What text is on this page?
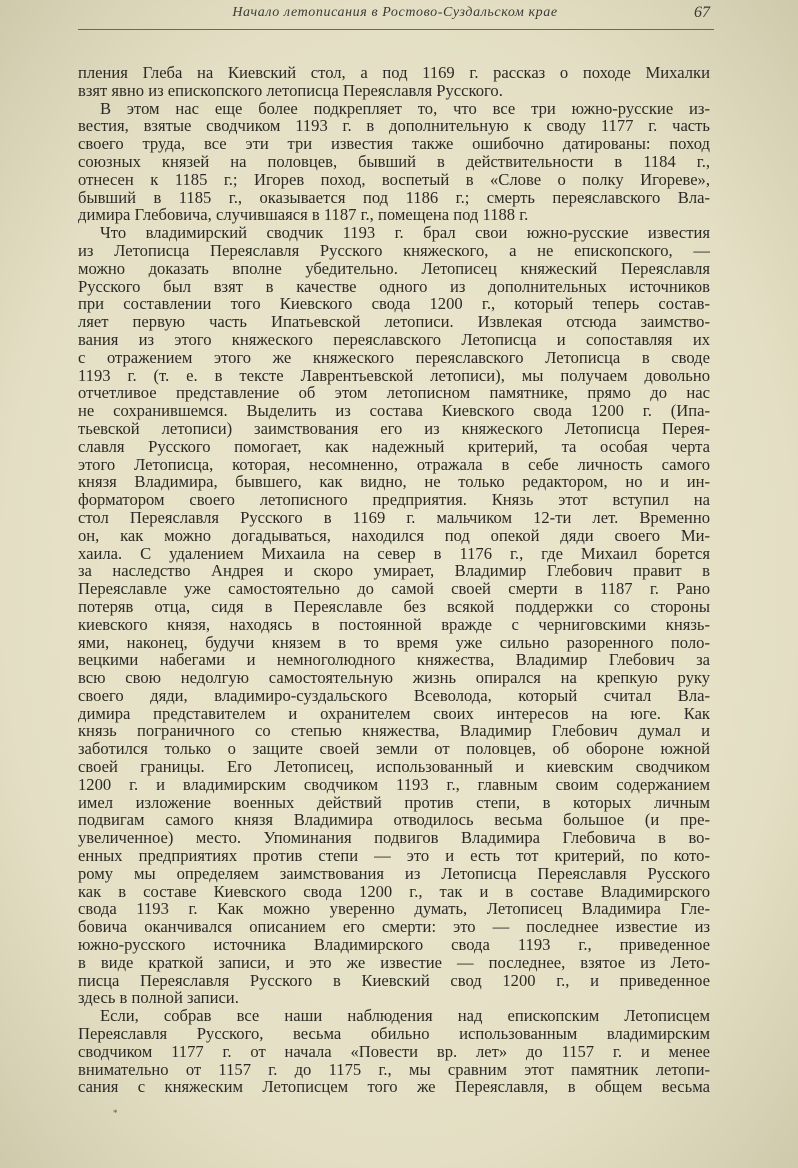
Начало летописания в Ростово-Суздальском крае	67
пления Глеба на Киевский стол, а под 1169 г. рассказ о походе Михалки
взят явно из епископского летописца Переяславля Русского.
В этом нас еще более подкрепляет то, что все три южно-русские из-
вестия, взятые сводчиком 1193 г. в дополнительную к своду 1177 г. часть
своего труда, все эти три известия также ошибочно датированы: поход
союзных князей на половцев, бывший в действительности в 1184 г.,
отнесен к 1185 г.; Игорев поход, воспетый в «Слове о полку Игореве»,
бывший в 1185 г., оказывается под 1186 г.; смерть переяславского Вла-
димира Глебовича, случившаяся в 1187 г., помещена под 1188 г.
Что владимирский сводчик 1193 г. брал свои южно-русские известия
из Летописца Переяславля Русского княжеского, а не епископского, —
можно доказать вполне убедительно. Летописец княжеский Переяславля
Русского был взят в качестве одного из дополнительных источников
при составлении того Киевского свода 1200 г., который теперь состав-
ляет первую часть Ипатьевской летописи. Извлекая отсюда заимство-
вания из этого княжеского переяславского Летописца и сопоставляя их
с отражением этого же княжеского переяславского Летописца в своде
1193 г. (т. е. в тексте Лаврентьевской летописи), мы получаем довольно
отчетливое представление об этом летописном памятнике, прямо до нас
не сохранившемся. Выделить из состава Киевского свода 1200 г. (Ипа-
тьевской летописи) заимствования его из княжеского Летописца Перея-
славля Русского помогает, как надежный критерий, та особая черта
этого Летописца, которая, несомненно, отражала в себе личность самого
князя Владимира, бывшего, как видно, не только редактором, но и ин-
форматором своего летописного предприятия. Князь этот вступил на
стол Переяславля Русского в 1169 г. мальчиком 12-ти лет. Временно
он, как можно догадываться, находился под опекой дяди своего Ми-
хаила. С удалением Михаила на север в 1176 г., где Михаил борется
за наследство Андрея и скоро умирает, Владимир Глебович правит в
Переяславле уже самостоятельно до самой своей смерти в 1187 г. Рано
потеряв отца, сидя в Переяславле без всякой поддержки со стороны
киевского князя, находясь в постоянной вражде с черниговскими князь-
ями, наконец, будучи князем в то время уже сильно разоренного поло-
вецкими набегами и немноголюдного княжества, Владимир Глебович за
всю свою недолгую самостоятельную жизнь опирался на крепкую руку
своего дяди, владимиро-суздальского Всеволода, который считал Вла-
димира представителем и охранителем своих интересов на юге. Как
князь пограничного со степью княжества, Владимир Глебович думал и
заботился только о защите своей земли от половцев, об обороне южной
своей границы. Его Летописец, использованный и киевским сводчиком
1200 г. и владимирским сводчиком 1193 г., главным своим содержанием
имел изложение военных действий против степи, в которых личным
подвигам самого князя Владимира отводилось весьма большое (и пре-
увеличенное) место. Упоминания подвигов Владимира Глебовича в во-
енных предприятиях против степи — это и есть тот критерий, по кото-
рому мы определяем заимствования из Летописца Переяславля Русского
как в составе Киевского свода 1200 г., так и в составе Владимирского
свода 1193 г. Как можно уверенно думать, Летописец Владимира Гле-
бовича оканчивался описанием его смерти: это — последнее известие из
южно-русского источника Владимирского свода 1193 г., приведенное
в виде краткой записи, и это же известие — последнее, взятое из Лето-
писца Переяславля Русского в Киевский свод 1200 г., и приведенное
здесь в полной записи.
Если, собрав все наши наблюдения над епископским Летописцем
Переяславля Русского, весьма обильно использованным владимирским
сводчиком 1177 г. от начала «Повести вр. лет» до 1157 г. и менее
внимательно от 1157 г. до 1175 г., мы сравним этот памятник летопи-
сания с княжеским Летописцем того же Переяславля, в общем весьма
*
